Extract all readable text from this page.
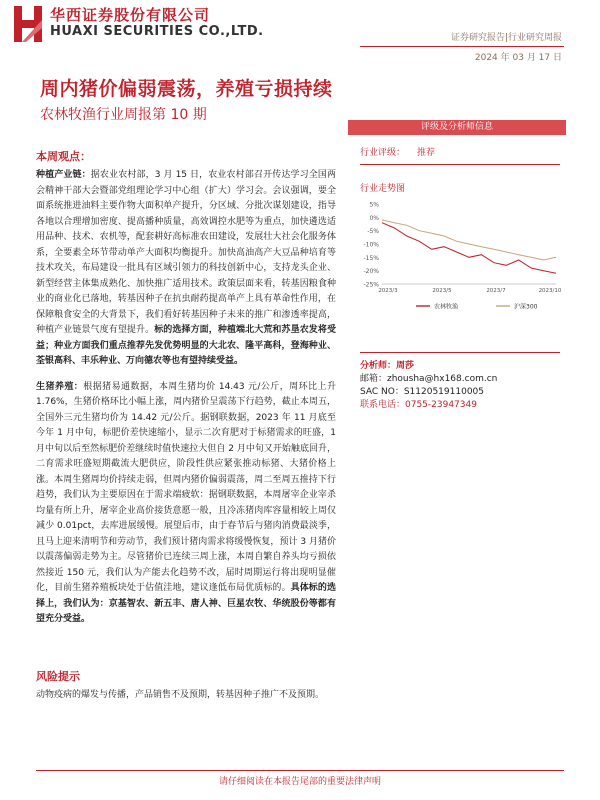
华西证券股份有限公司
HUAXI SECURITIES CO.,LTD.	证券研究报告|行业研究周报
2024 年 03 月 17 日
周内猪价偏弱震荡，养殖亏损持续
农林牧渔行业周报第 10 期
本周观点：

种植产业链：据农业农村部，3 月 15 日，农业农村部召开传达学习全国两会精神干部大会暨部党组理论学习中心组（扩大）学习会。会议强调，要全面系统推进油料主要作物大面积单产提升，分区域、分批次谋划建设，指导各地以合理增加密度、提高播种质量，高效调控水肥等为重点，加快遴选适用品种、技术、农机等，配套耕好高标准农田建设，发展壮大社会化服务体系，全要素全环节带动单产大面积均衡提升。加快高油高产大豆品种培育等技术攻关，布局建设一批具有区域引领力的科技创新中心，支持龙头企业、新型经营主体集成熟化、加快推广适用技术。政策层面来看，转基因粮食种业的商业化已落地，转基因种子在抗虫耐药提高单产上具有革命性作用，在保障粮食安全的大背景下，我们看好转基因种子未来的推广和渗透率提高，种植产业链景气度有望提升。标的选择方面，种植端北大荒和苏垦农发将受益；种业方面我们重点推荐先发优势明显的大北农、隆平高科，登海种业、荃银高科、丰乐种业、万向德农等也有望持续受益。

生猪养殖：根据猪易通数据，本周生猪均价 14.43 元/公斤，周环比上升 1.76%，生猪价格环比小幅上涨，周内猪价呈震荡下行趋势，截止本周五，全国外三元生猪均价为 14.42 元/公斤。据钢联数据，2023 年 11 月底至今年 1 月中旬，标肥价差快速缩小，显示二次育肥对于标猪需求的旺盛，1 月中旬以后至然标肥价差继续时值快速拉大但自 2 月中旬又开始触底回升，二育需求旺盛短期截流大肥供应，阶段性供应紧张推动标猪、大猪价格上涨。本周生猪周均价持续走弱，但周内猪价偏弱震荡，周二至周五推持下行趋势，我们认为主要原因在于需求端疲软：据钢联数据，本周屠宰企业宰杀均量有所上升，屠宰企业高价接货意愿一般，且冷冻猪肉库容量相较上周仅减少 0.01pct，去库进展缓慢。展望后市，由于春节后与猪肉消费最淡季，且马上迎来清明节和劳动节，我们预计猪肉需求将缓慢恢复，预计 3 月猪价以震荡偏弱走势为主。尽管猪价已连续三周上涨，本周自繁自养头均亏损依然接近 150 元，我们认为产能去化趋势不改，届时周期运行将出现明显催化，目前生猪养殖板块处于估值洼地，建议逢低布局优质标的。具体标的选择上，我们认为：京基智农、新五丰、唐人神、巨星农牧、华统股份等都有望充分受益。

风险提示

动物疫病的爆发与传播，产品销售不及预期，转基因种子推广不及预期。

评级及分析师信息
行业评级： 推荐
行业走势图
5%
0%
-5%
-10%
-15%
-20%
-25%
2023/3	2023/5	2023/7	2023/10
农林牧渔	沪深300
分析师：周莎
邮箱：zhousha@hx168.com.cn
SAC NO：S1120519110005
联系电话：0755-23947349
请仔细阅读在本报告尾部的重要法律声明
